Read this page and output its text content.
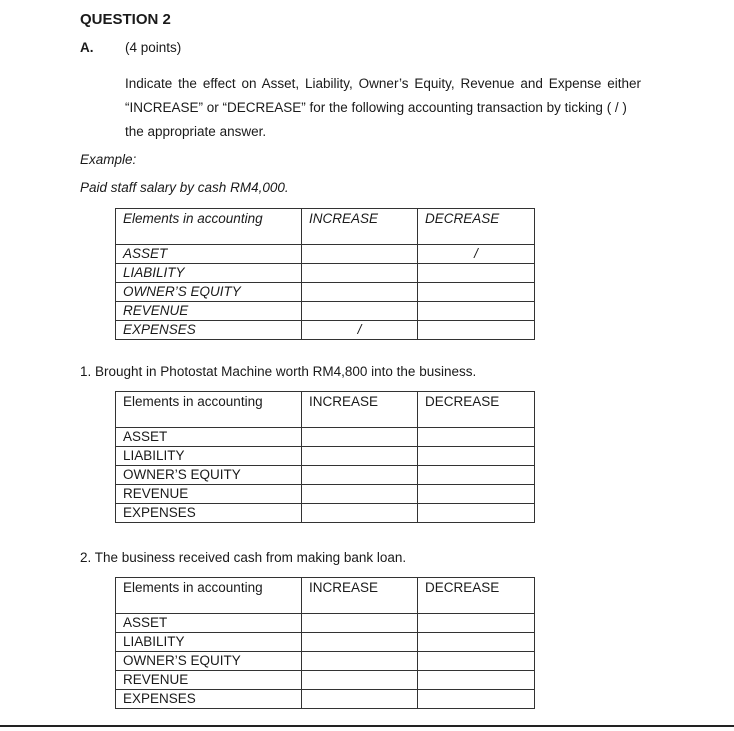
QUESTION 2
A. (4 points)
Indicate the effect on Asset, Liability, Owner’s Equity, Revenue and Expense either
“INCREASE” or “DECREASE” for the following accounting transaction by ticking ( / )
the appropriate answer.
Example:
Paid staff salary by cash RM4,000.
Elements in accounting	INCREASE	DECREASE
ASSET		/
LIABILITY		
OWNER’S EQUITY		
REVENUE		
EXPENSES	/	
1. Brought in Photostat Machine worth RM4,800 into the business.
Elements in accounting	INCREASE	DECREASE
ASSET		
LIABILITY		
OWNER’S EQUITY		
REVENUE		
EXPENSES		
2. The business received cash from making bank loan.
Elements in accounting	INCREASE	DECREASE
ASSET		
LIABILITY		
OWNER’S EQUITY		
REVENUE		
EXPENSES		
